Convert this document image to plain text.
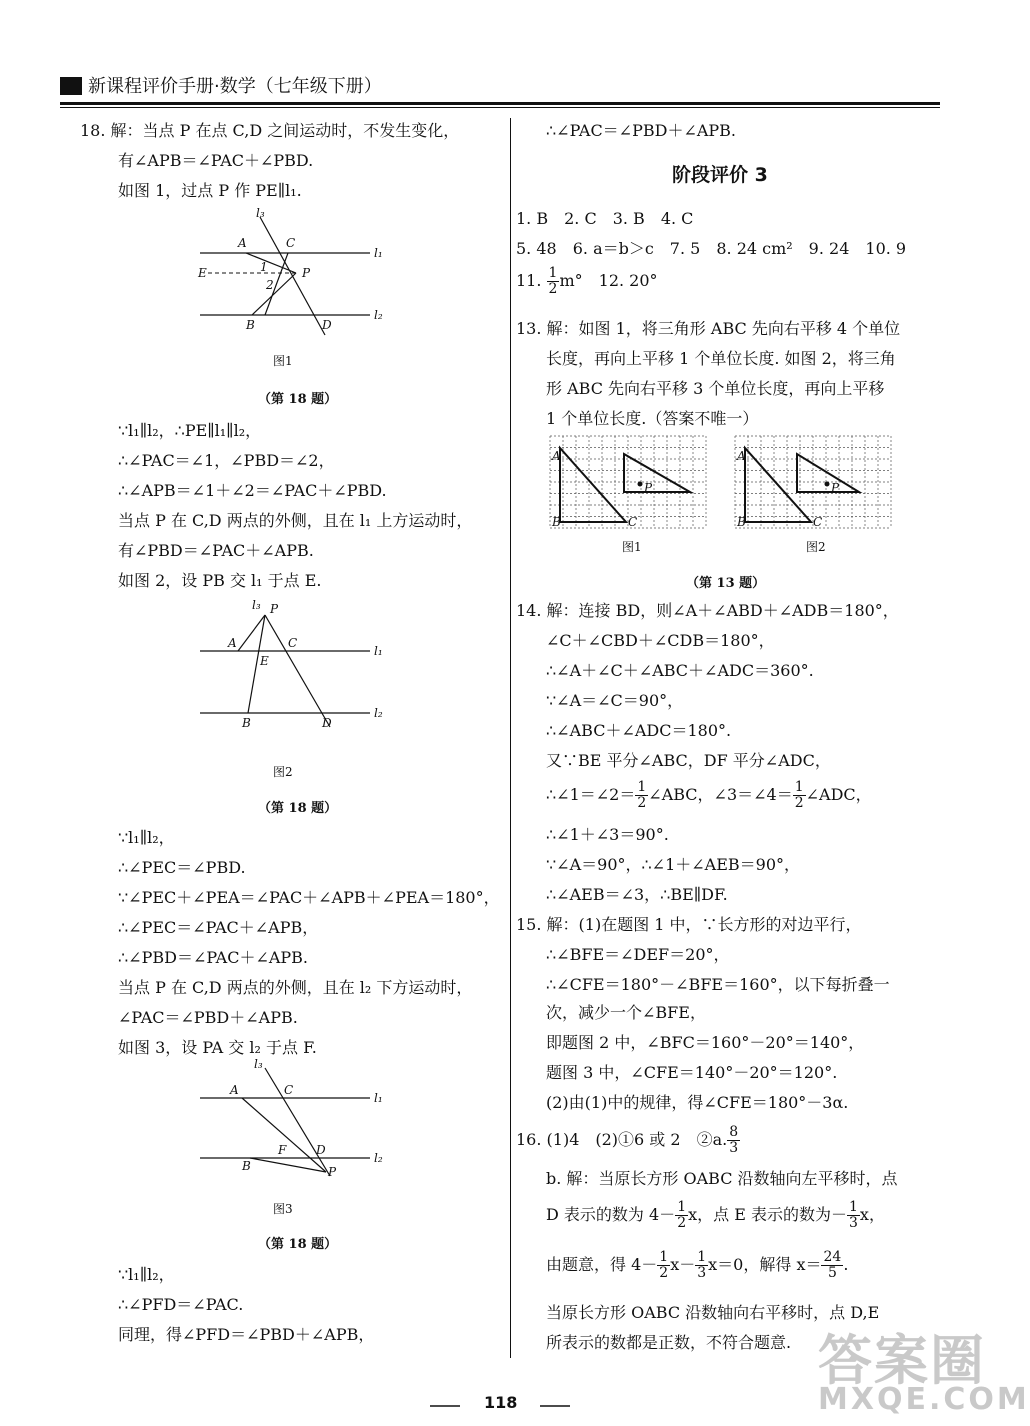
新课程评价手册·数学（七年级下册）
18. 解：当点 P 在点 C,D 之间运动时，不发生变化，
有∠APB＝∠PAC＋∠PBD.
如图 1，过点 P 作 PE∥l₁.
l₃
l₁
l₂
A	C
E	P
1
2
B	D
图1
（第 18 题）
∵l₁∥l₂，∴PE∥l₁∥l₂，
∴∠PAC＝∠1，∠PBD＝∠2，
∴∠APB＝∠1＋∠2＝∠PAC＋∠PBD.
当点 P 在 C,D 两点的外侧，且在 l₁ 上方运动时，
有∠PBD＝∠PAC＋∠APB.
如图 2，设 PB 交 l₁ 于点 E.
l₃ P
l₁
l₂
A	C
E
B	D
图2
（第 18 题）
∵l₁∥l₂，
∴∠PEC＝∠PBD.
∵∠PEC＋∠PEA＝∠PAC＋∠APB＋∠PEA＝180°，
∴∠PEC＝∠PAC＋∠APB，
∴∠PBD＝∠PAC＋∠APB.
当点 P 在 C,D 两点的外侧，且在 l₂ 下方运动时，
∠PAC＝∠PBD＋∠APB.
如图 3，设 PA 交 l₂ 于点 F.
l₃
l₁
l₂
A	C
F D
B	P
图3
（第 18 题）
∵l₁∥l₂，
∴∠PFD＝∠PAC.
同理，得∠PFD＝∠PBD＋∠APB，
∴∠PAC＝∠PBD＋∠APB.
阶段评价 3
1. B　2. C　3. B　4. C
5. 48　6. a＝b＞c　7. 5　8. 24 cm²　9. 24　10. 9
11. $\frac{1}{2} m^\circ$　12. 20°
13. 解：如图 1，将三角形 ABC 先向右平移 4 个单位
长度，再向上平移 1 个单位长度. 如图 2，将三角
形 ABC 先向右平移 3 个单位长度，再向上平移
1 个单位长度.（答案不唯一）
A
B	C
P
A
B	C
P
图1	图2
（第 13 题）
14. 解：连接 BD，则∠A＋∠ABD＋∠ADB＝180°，
∠C＋∠CBD＋∠CDB＝180°，
∴∠A＋∠C＋∠ABC＋∠ADC＝360°.
∵∠A＝∠C＝90°，
∴∠ABC＋∠ADC＝180°.
又∵BE 平分∠ABC，DF 平分∠ADC，
∴∠1＝∠2＝ $\frac{1}{2}$ ∠ABC，∠3＝∠4＝ $\frac{1}{2}$ ∠ADC，
∴∠1＋∠3＝90°.
∵∠A＝90°，∴∠1＋∠AEB＝90°，
∴∠AEB＝∠3，∴BE∥DF.
15. 解：(1)在题图 1 中，∵长方形的对边平行，
∴∠BFE＝∠DEF＝20°，
∴∠CFE＝180°－∠BFE＝160°，以下每折叠一
次，减少一个∠BFE，
即题图 2 中，∠BFC＝160°－20°＝140°，
题图 3 中，∠CFE＝140°－20°＝120°.
(2)由(1)中的规律，得∠CFE＝180°－3α.
16. (1)4　(2)①6 或 2　②a. $\frac{8}{3}$
b. 解：当原长方形 OABC 沿数轴向左平移时，点
D 表示的数为 $4- \frac{1}{2}$ x，点 E 表示的数为－ $\frac{1}{3}$ x，
由题意，得 $4- \frac{1}{2} x- \frac{1}{3} x=0$，解得 $x= \frac{24}{5}$ .
当原长方形 OABC 沿数轴向右平移时，点 D,E
所表示的数都是正数，不符合题意.
118
答案圈
MXQE.COM
